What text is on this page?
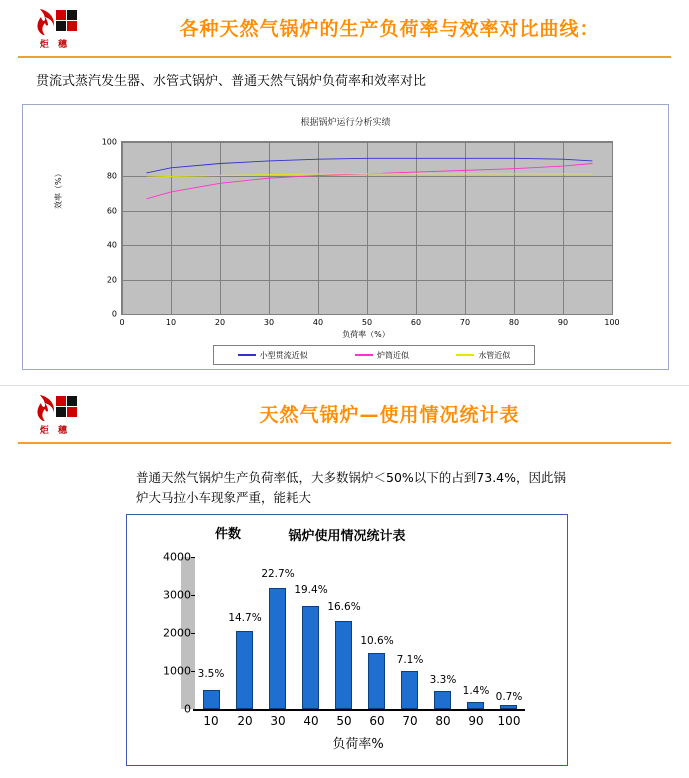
炬 穗
各种天然气锅炉的生产负荷率与效率对比曲线：
贯流式蒸汽发生器、水管式锅炉、普通天然气锅炉负荷率和效率对比
根据锅炉运行分析实绩
效率（%）
100
80
60
40
20
0
0	10	20	30	40	50	60	70	80	90	100
负荷率（%）
小型贯流近似	炉筒近似	水管近似
炬 穗
天然气锅炉—使用情况统计表
普通天然气锅炉生产负荷率低，大多数锅炉＜50%以下的占到73.4%，因此锅炉大马拉小车现象严重，能耗大
件数	锅炉使用情况统计表
0
1000
2000
3000
4000
3.5%
14.7%
22.7%
19.4%
16.6%
10.6%
7.1%
3.3%
1.4%
0.7%
10 20 30 40 50 60 70 80 90 100
负荷率%
